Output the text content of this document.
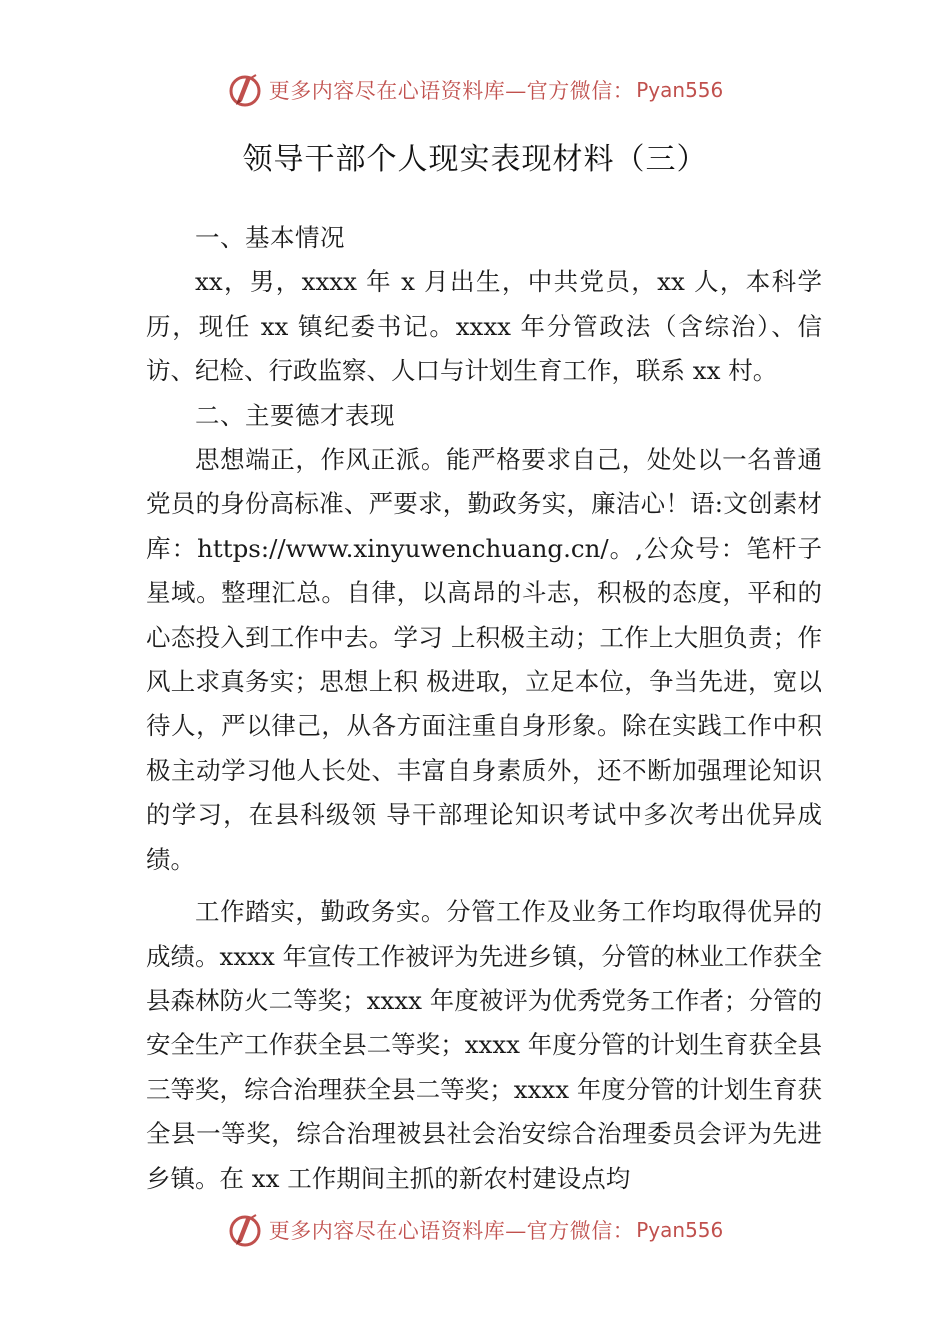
更多内容尽在心语资料库—官方微信： Pyan556
领导干部个人现实表现材料（三）

一、基本情况

xx，男，xxxx 年 x 月出生，中共党员，xx 人，本科学历，现任 xx 镇纪委书记。xxxx 年分管政法（含综治）、信访、纪检、行政监察、人口与计划生育工作，联系 xx 村。

二、主要德才表现

思想端正，作风正派。能严格要求自己，处处以一名普通党员的身份高标准、严要求，勤政务实，廉洁心！语:文创素材库：https://www.xinyuwenchuang.cn/。,公众号：笔杆子星域。整理汇总。自律，以高昂的斗志，积极的态度，平和的心态投入到工作中去。学习 上积极主动；工作上大胆负责；作风上求真务实；思想上积 极进取，立足本位，争当先进，宽以待人，严以律己，从各方面注重自身形象。除在实践工作中积极主动学习他人长处、丰富自身素质外，还不断加强理论知识的学习，在县科级领 导干部理论知识考试中多次考出优异成绩。

工作踏实，勤政务实。分管工作及业务工作均取得优异的成绩。xxxx 年宣传工作被评为先进乡镇，分管的林业工作获全县森林防火二等奖；xxxx 年度被评为优秀党务工作者；分管的安全生产工作获全县二等奖；xxxx 年度分管的计划生育获全县三等奖，综合治理获全县二等奖；xxxx 年度分管的计划生育获全县一等奖，综合治理被县社会治安综合治理委员会评为先进乡镇。在 xx 工作期间主抓的新农村建设点均

更多内容尽在心语资料库—官方微信： Pyan556
